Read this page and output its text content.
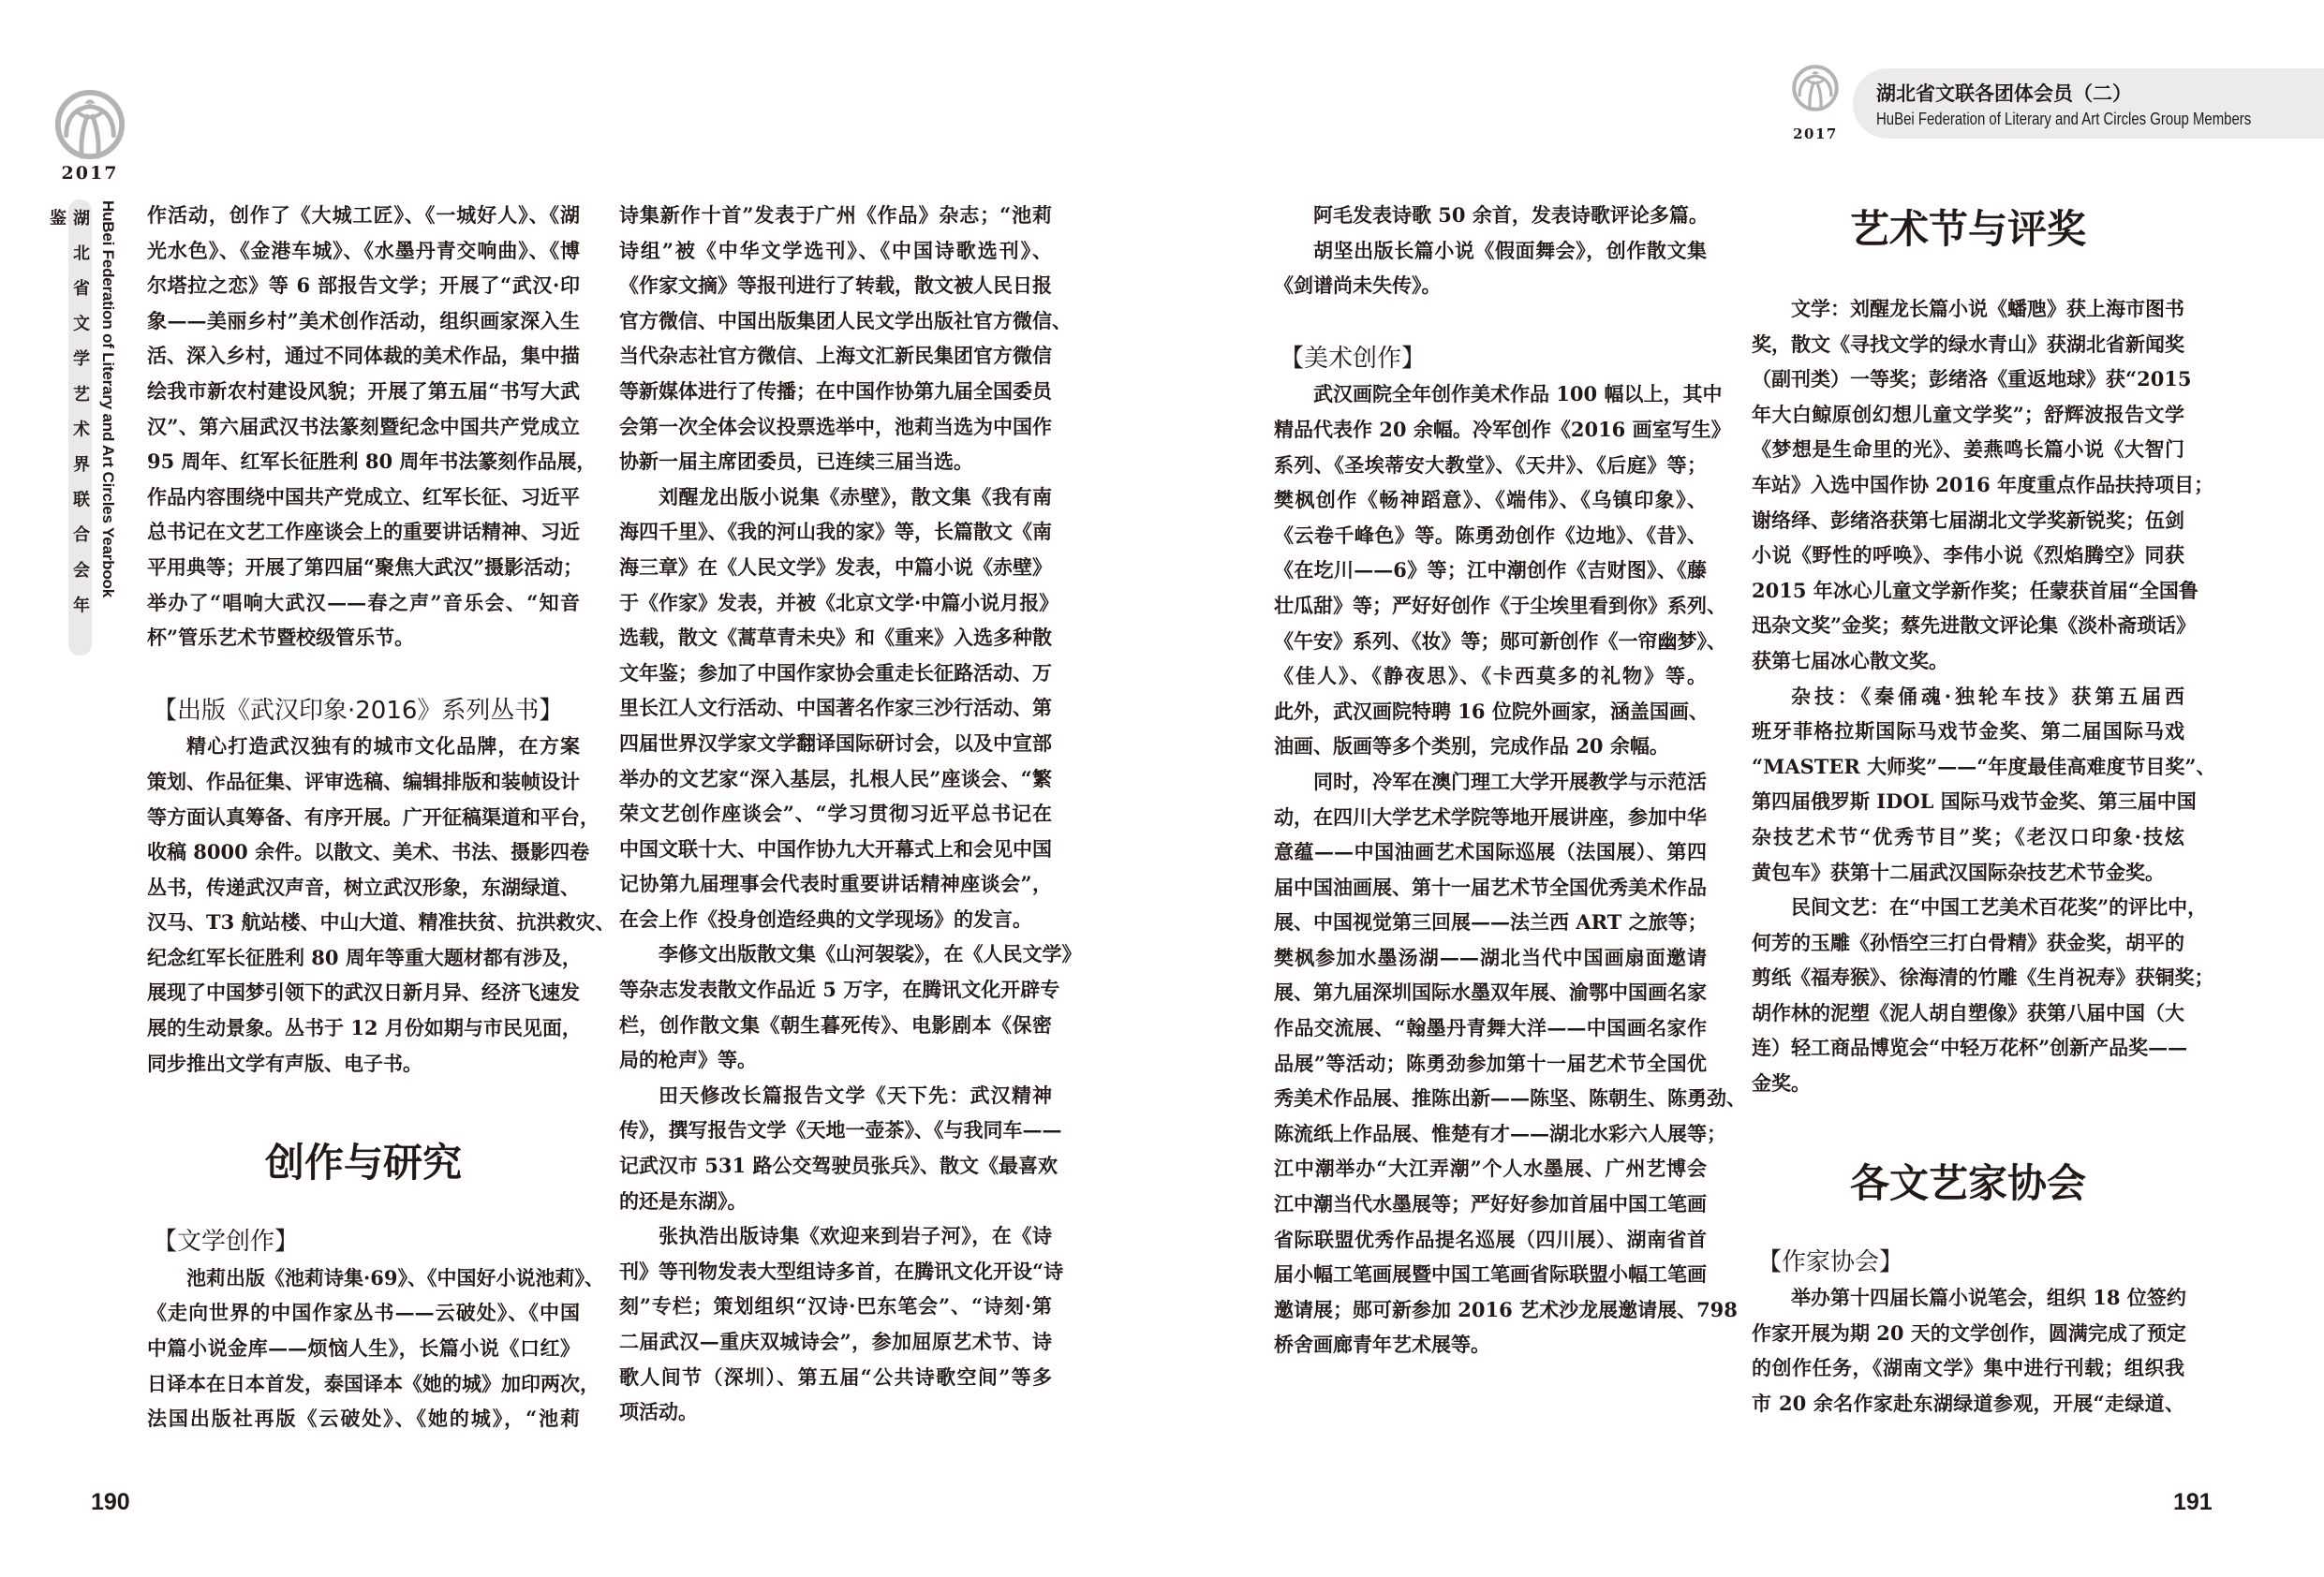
2017
湖北省文学艺术界联合会年鉴	HuBei Federation of Literary and Art Circles Yearbook 作活动，创作了《大城工匠》、《一城好人》、《湖
光水色》、《金港车城》、《水墨丹青交响曲》、《博
尔塔拉之恋》等 6 部报告文学；开展了“武汉·印
象——美丽乡村”美术创作活动，组织画家深入生
活、深入乡村，通过不同体裁的美术作品，集中描
绘我市新农村建设风貌；开展了第五届“书写大武
汉”、第六届武汉书法篆刻暨纪念中国共产党成立
95 周年、红军长征胜利 80 周年书法篆刻作品展，
作品内容围绕中国共产党成立、红军长征、习近平
总书记在文艺工作座谈会上的重要讲话精神、习近
平用典等；开展了第四届“聚焦大武汉”摄影活动；
举办了“唱响大武汉——春之声”音乐会、“知音
杯”管乐艺术节暨校级管乐节。
【出版《武汉印象·2016》系列丛书】
精心打造武汉独有的城市文化品牌，在方案
策划、作品征集、评审选稿、编辑排版和装帧设计
等方面认真筹备、有序开展。广开征稿渠道和平台，
收稿 8000 余件。以散文、美术、书法、摄影四卷
丛书，传递武汉声音，树立武汉形象，东湖绿道、
汉马、T3 航站楼、中山大道、精准扶贫、抗洪救灾、
纪念红军长征胜利 80 周年等重大题材都有涉及，
展现了中国梦引领下的武汉日新月异、经济飞速发
展的生动景象。丛书于 12 月份如期与市民见面，
同步推出文学有声版、电子书。
创作与研究
【文学创作】
池莉出版《池莉诗集·69》、《中国好小说池莉》、
《走向世界的中国作家丛书——云破处》、《中国
中篇小说金库——烦恼人生》，长篇小说《口红》
日译本在日本首发，泰国译本《她的城》加印两次，
法国出版社再版《云破处》、《她的城》，“池莉
诗集新作十首”发表于广州《作品》杂志；“池莉
诗组”被《中华文学选刊》、《中国诗歌选刊》、
《作家文摘》等报刊进行了转载，散文被人民日报
官方微信、中国出版集团人民文学出版社官方微信、
当代杂志社官方微信、上海文汇新民集团官方微信
等新媒体进行了传播；在中国作协第九届全国委员
会第一次全体会议投票选举中，池莉当选为中国作
协新一届主席团委员，已连续三届当选。
刘醒龙出版小说集《赤壁》，散文集《我有南
海四千里》、《我的河山我的家》等，长篇散文《南
海三章》在《人民文学》发表，中篇小说《赤壁》
于《作家》发表，并被《北京文学·中篇小说月报》
选载，散文《蒿草青未央》和《重来》入选多种散
文年鉴；参加了中国作家协会重走长征路活动、万
里长江人文行活动、中国著名作家三沙行活动、第
四届世界汉学家文学翻译国际研讨会，以及中宣部
举办的文艺家“深入基层，扎根人民”座谈会、“繁
荣文艺创作座谈会”、“学习贯彻习近平总书记在
中国文联十大、中国作协九大开幕式上和会见中国
记协第九届理事会代表时重要讲话精神座谈会”，
在会上作《投身创造经典的文学现场》的发言。
李修文出版散文集《山河袈裟》，在《人民文学》
等杂志发表散文作品近 5 万字，在腾讯文化开辟专
栏，创作散文集《朝生暮死传》、电影剧本《保密
局的枪声》等。
田天修改长篇报告文学《天下先：武汉精神
传》，撰写报告文学《天地一壶茶》、《与我同车——
记武汉市 531 路公交驾驶员张兵》、散文《最喜欢
的还是东湖》。
张执浩出版诗集《欢迎来到岩子河》，在《诗
刊》等刊物发表大型组诗多首，在腾讯文化开设“诗
刻”专栏；策划组织“汉诗·巴东笔会”、“诗刻·第
二届武汉—重庆双城诗会”，参加屈原艺术节、诗
歌人间节（深圳）、第五届“公共诗歌空间”等多
项活动。
190
2017
湖北省文联各团体会员（二）
HuBei Federation of Literary and Art Circles Group Members
阿毛发表诗歌 50 余首，发表诗歌评论多篇。
胡坚出版长篇小说《假面舞会》，创作散文集
《剑谱尚未失传》。
【美术创作】
武汉画院全年创作美术作品 100 幅以上，其中
精品代表作 20 余幅。冷军创作《2016 画室写生》
系列、《圣埃蒂安大教堂》、《天井》、《后庭》等；
樊枫创作《畅神蹈意》、《端伟》、《乌镇印象》、
《云卷千峰色》等。陈勇劲创作《边地》、《昔》、
《在圪川——6》等；江中潮创作《吉财图》、《藤
壮瓜甜》等；严好好创作《于尘埃里看到你》系列、
《午安》系列、《妆》等；郧可新创作《一帘幽梦》、
《佳人》、《静夜思》、《卡西莫多的礼物》等。
此外，武汉画院特聘 16 位院外画家，涵盖国画、
油画、版画等多个类别，完成作品 20 余幅。
同时，冷军在澳门理工大学开展教学与示范活
动，在四川大学艺术学院等地开展讲座，参加中华
意蕴——中国油画艺术国际巡展（法国展）、第四
届中国油画展、第十一届艺术节全国优秀美术作品
展、中国视觉第三回展——法兰西 ART 之旅等；
樊枫参加水墨汤湖——湖北当代中国画扇面邀请
展、第九届深圳国际水墨双年展、渝鄂中国画名家
作品交流展、“翰墨丹青舞大洋——中国画名家作
品展”等活动；陈勇劲参加第十一届艺术节全国优
秀美术作品展、推陈出新——陈坚、陈朝生、陈勇劲、
陈流纸上作品展、惟楚有才——湖北水彩六人展等；
江中潮举办“大江弄潮”个人水墨展、广州艺博会
江中潮当代水墨展等；严好好参加首届中国工笔画
省际联盟优秀作品提名巡展（四川展）、湖南省首
届小幅工笔画展暨中国工笔画省际联盟小幅工笔画
邀请展；郧可新参加 2016 艺术沙龙展邀请展、798
桥舍画廊青年艺术展等。
艺术节与评奖
文学：刘醒龙长篇小说《蟠虺》获上海市图书
奖，散文《寻找文学的绿水青山》获湖北省新闻奖
（副刊类）一等奖；彭绪洛《重返地球》获“2015
年大白鲸原创幻想儿童文学奖”；舒辉波报告文学
《梦想是生命里的光》、姜燕鸣长篇小说《大智门
车站》入选中国作协 2016 年度重点作品扶持项目；
谢络绎、彭绪洛获第七届湖北文学奖新锐奖；伍剑
小说《野性的呼唤》、李伟小说《烈焰腾空》同获
2015 年冰心儿童文学新作奖；任蒙获首届“全国鲁
迅杂文奖”金奖；蔡先进散文评论集《淡朴斋琐话》
获第七届冰心散文奖。
杂技：《秦俑魂·独轮车技》获第五届西
班牙菲格拉斯国际马戏节金奖、第二届国际马戏
“MASTER 大师奖”——“年度最佳高难度节目奖”、
第四届俄罗斯 IDOL 国际马戏节金奖、第三届中国
杂技艺术节“优秀节目”奖；《老汉口印象·技炫
黄包车》获第十二届武汉国际杂技艺术节金奖。
民间文艺：在“中国工艺美术百花奖”的评比中，
何芳的玉雕《孙悟空三打白骨精》获金奖，胡平的
剪纸《福寿猴》、徐海清的竹雕《生肖祝寿》获铜奖；
胡作林的泥塑《泥人胡自塑像》获第八届中国（大
连）轻工商品博览会“中轻万花杯”创新产品奖——
金奖。
各文艺家协会
【作家协会】
举办第十四届长篇小说笔会，组织 18 位签约
作家开展为期 20 天的文学创作，圆满完成了预定
的创作任务，《湖南文学》集中进行刊载；组织我
市 20 余名作家赴东湖绿道参观，开展“走绿道、
191
